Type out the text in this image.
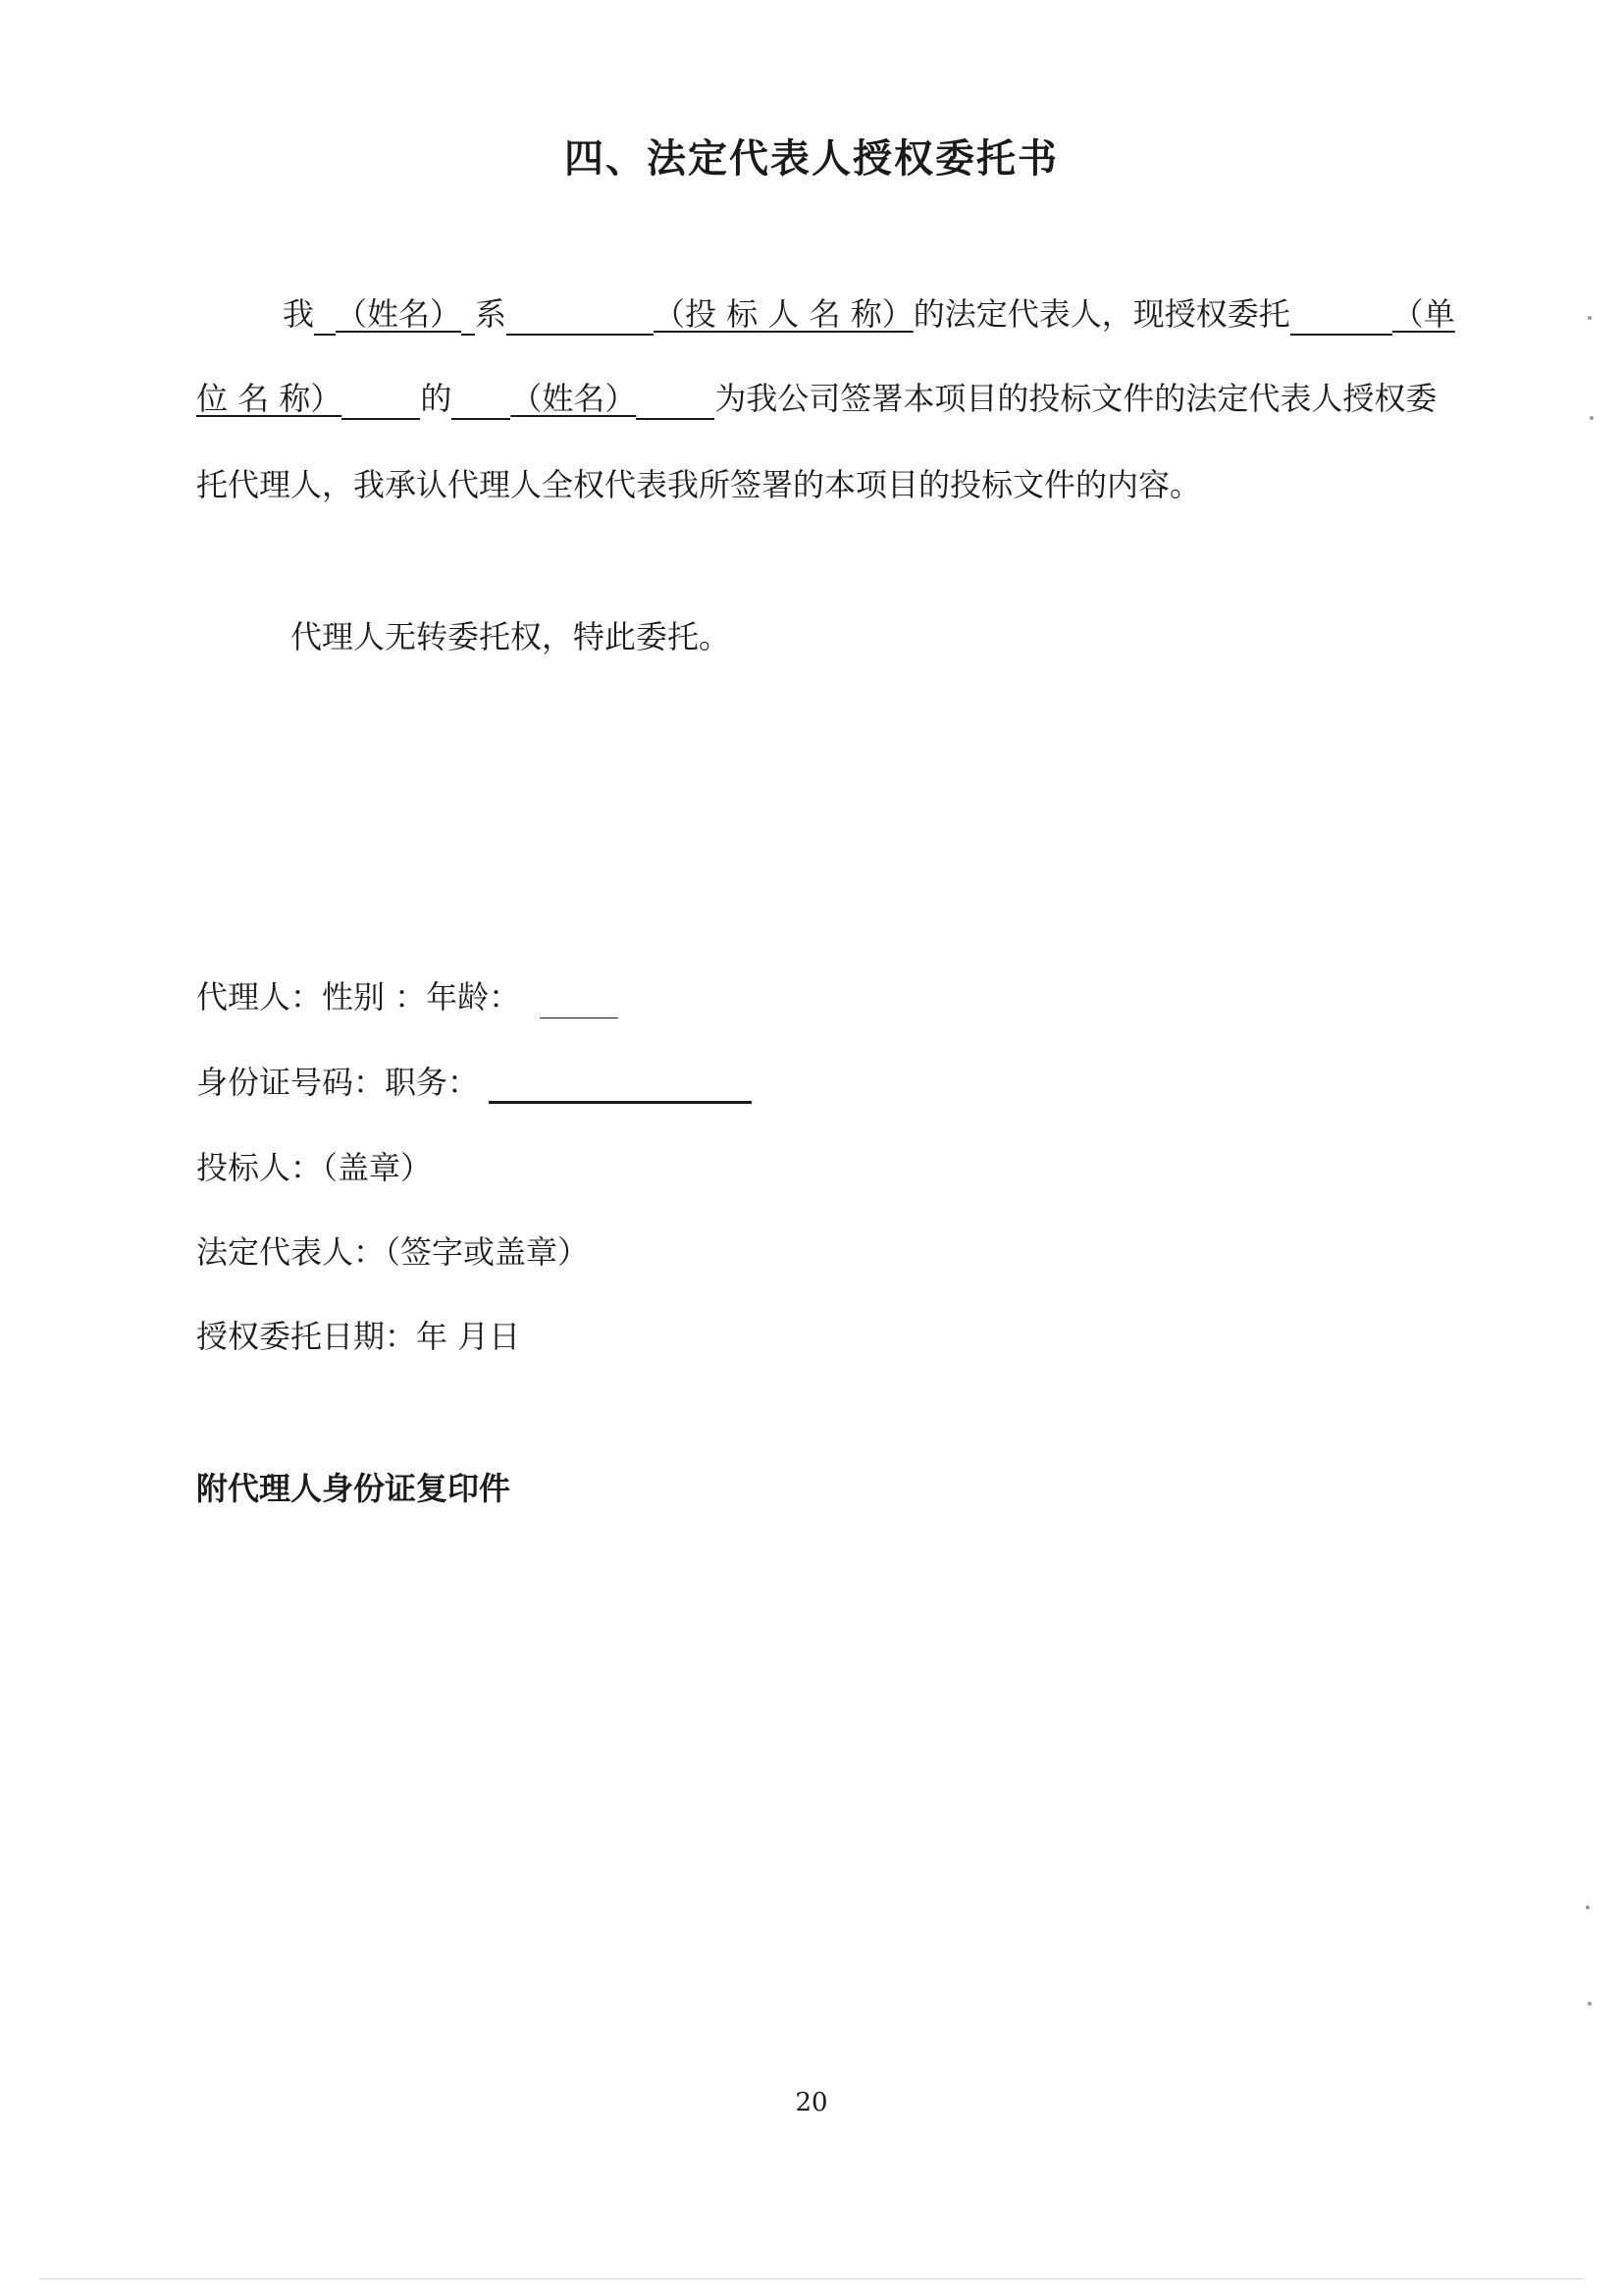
四、法定代表人授权委托书
我 （姓名） 系	（投 标 人 名 称）的法定代表人，现授权委托	（单
位 名 称）	的 （姓名）	为我公司签署本项目的投标文件的法定代表人授权委
托代理人，我承认代理人全权代表我所签署的本项目的投标文件的内容。
代理人无转委托权，特此委托。
代理人：性别 ：年龄：
身份证号码：职务：
投标人：（盖章）
法定代表人：（签字或盖章）
授权委托日期：年 月日
附代理人身份证复印件
20
